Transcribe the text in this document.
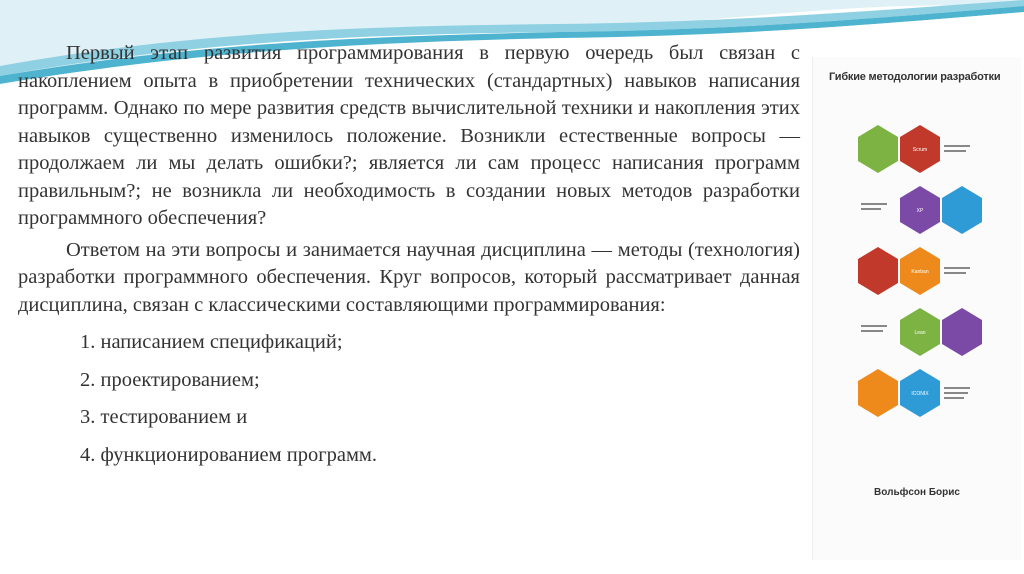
Первый этап развития программирования в первую очередь был связан с накоплением опыта в приобретении технических (стандартных) навыков написания программ. Однако по мере развития средств вычислительной техники и накопления этих навыков существенно изменилось положение. Возникли естественные вопросы — продолжаем ли мы делать ошибки?; является ли сам процесс написания программ правильным?; не возникла ли необходимость в создании новых методов разработки программного обеспечения?

Ответом на эти вопросы и занимается научная дисциплина — методы (технология) разработки программного обеспечения. Круг вопросов, который рассматривает данная дисциплина, связан с классическими составляющими программирования:

1. написанием спецификаций;
2. проектированием;
3. тестированием и
4. функционированием программ.
Гибкие методологии разработки
Scrum
XP
Kanban
Lean
ICONIX
Вольфсон Борис
